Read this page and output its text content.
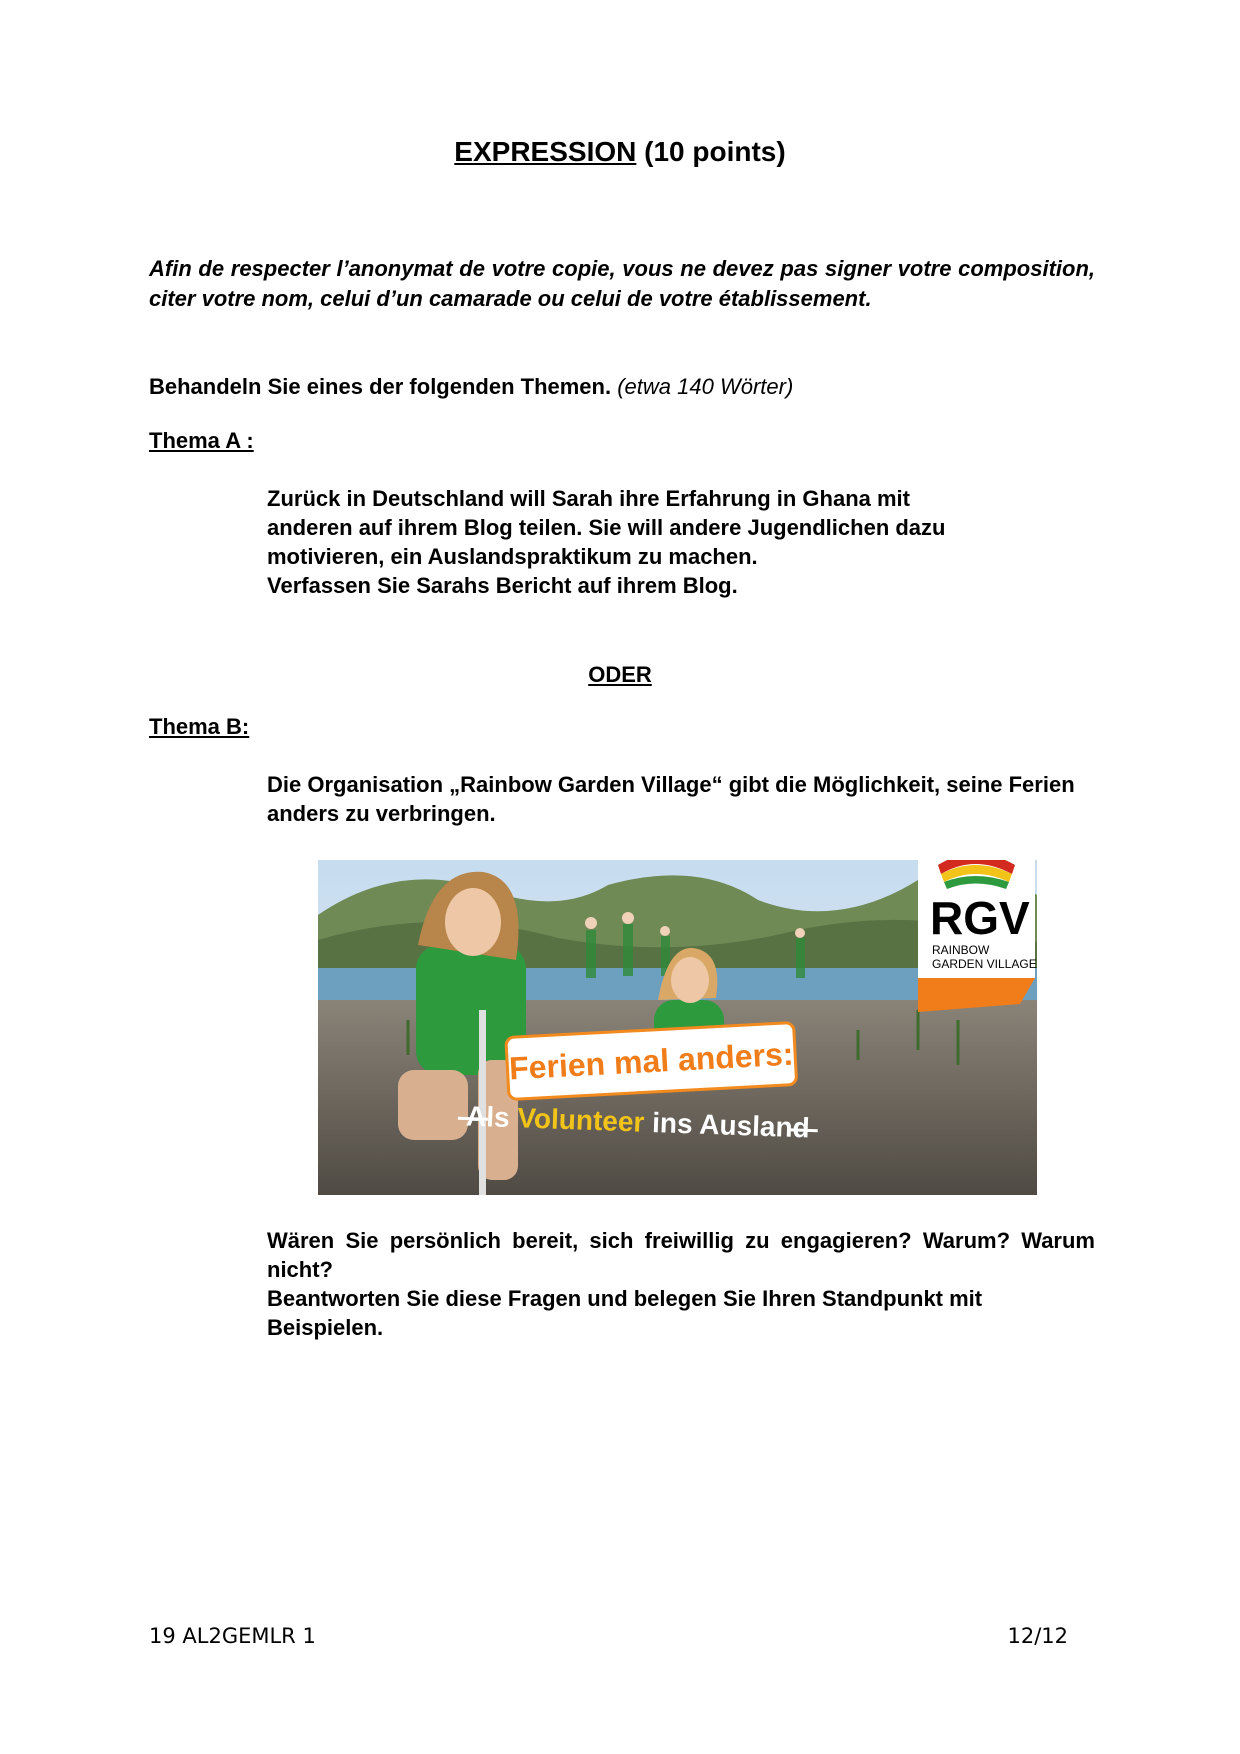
EXPRESSION (10 points)

Afin de respecter l’anonymat de votre copie, vous ne devez pas signer votre composition, citer votre nom, celui d’un camarade ou celui de votre établissement.

Behandeln Sie eines der folgenden Themen. (etwa 140 Wörter)
Thema A :

Zurück in Deutschland will Sarah ihre Erfahrung in Ghana mit

anderen auf ihrem Blog teilen. Sie will andere Jugendlichen dazu

motivieren, ein Auslandspraktikum zu machen.

Verfassen Sie Sarahs Bericht auf ihrem Blog.

ODER
Thema B:

Die Organisation „Rainbow Garden Village“ gibt die Möglichkeit, seine Ferien anders zu verbringen.

Ferien mal anders:
Als Volunteer ins Ausland
RGV
RAINBOW
GARDEN VILLAGE

Wären Sie persönlich bereit, sich freiwillig zu engagieren? Warum? Warum nicht?

Beantworten Sie diese Fragen und belegen Sie Ihren Standpunkt mit Beispielen.

19 AL2GEMLR 1	12/12
